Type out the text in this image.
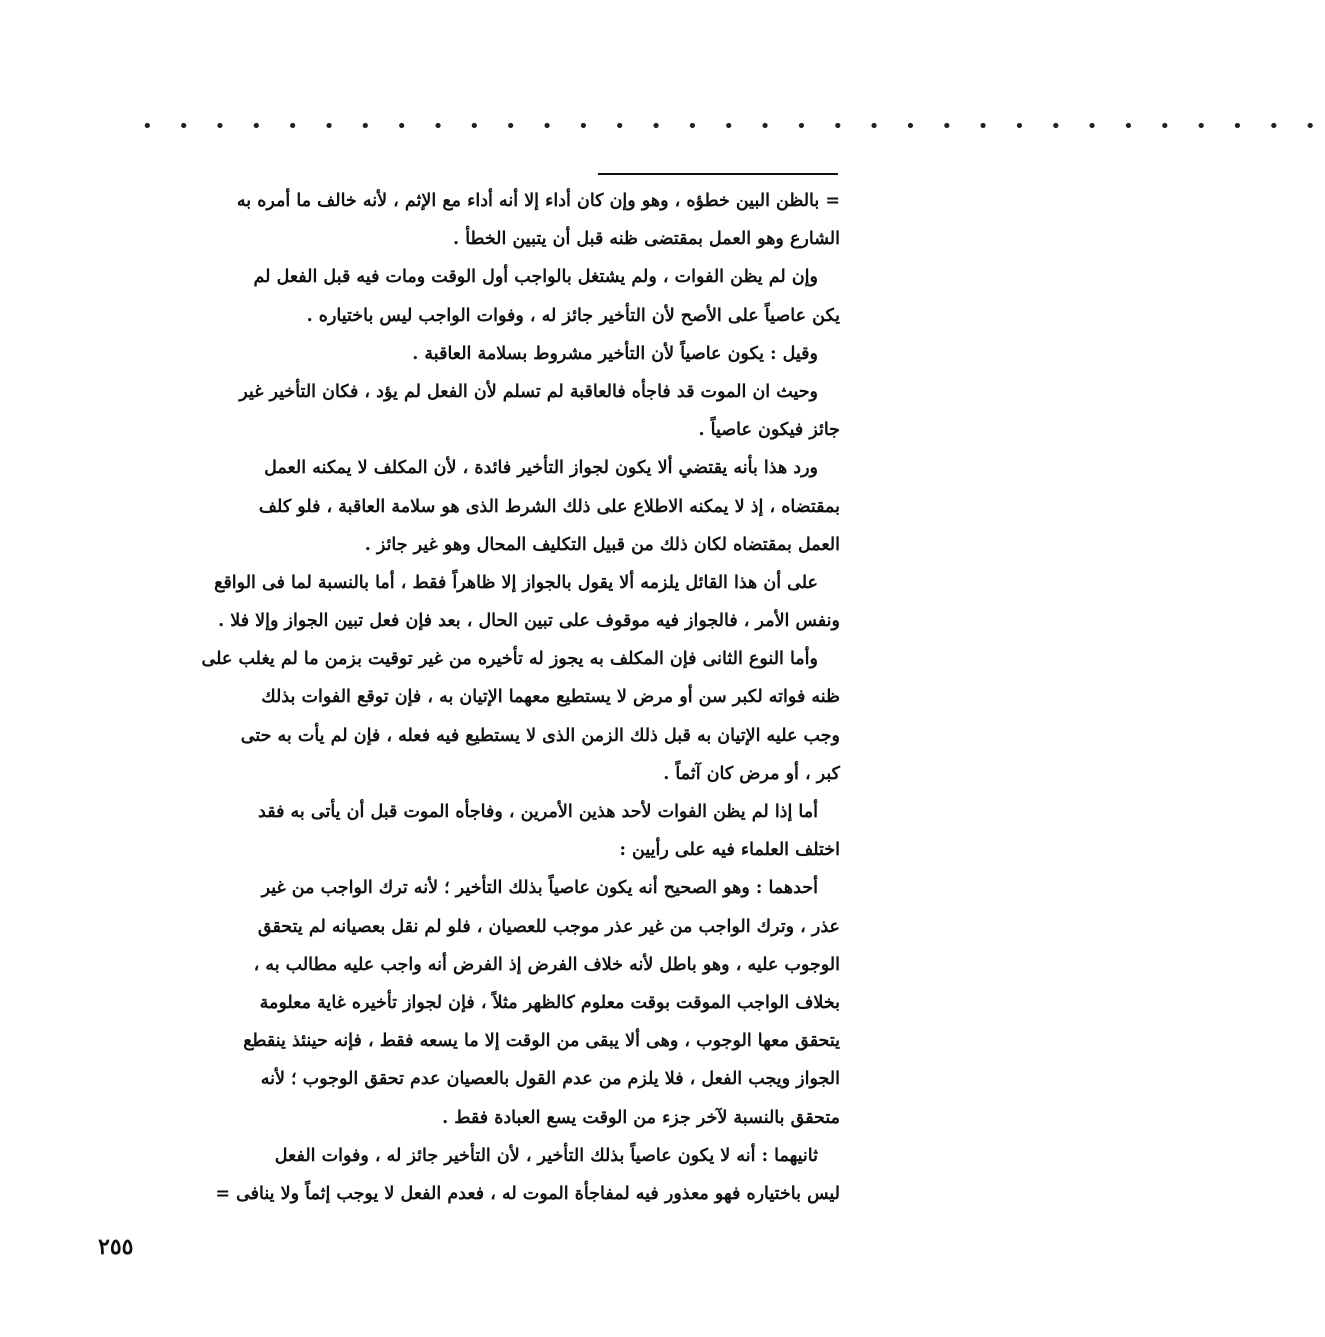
• • • • • • • • • • • • • • • • • • • • • • • • • • • • • • • • •
= بالظن البين خطؤه ، وهو وإن كان أداء إلا أنه أداء مع الإثم ، لأنه خالف ما أمره به
الشارع وهو العمل بمقتضى ظنه قبل أن يتبين الخطأ .
وإن لم يظن الفوات ، ولم يشتغل بالواجب أول الوقت ومات فيه قبل الفعل لم
يكن عاصياً على الأصح لأن التأخير جائز له ، وفوات الواجب ليس باختياره .
وقيل : يكون عاصياً لأن التأخير مشروط بسلامة العاقبة .
وحيث ان الموت قد فاجأه فالعاقبة لم تسلم لأن الفعل لم يؤد ، فكان التأخير غير
جائز فيكون عاصياً .
ورد هذا بأنه يقتضي ألا يكون لجواز التأخير فائدة ، لأن المكلف لا يمكنه العمل
بمقتضاه ، إذ لا يمكنه الاطلاع على ذلك الشرط الذى هو سلامة العاقبة ، فلو كلف
العمل بمقتضاه لكان ذلك من قبيل التكليف المحال وهو غير جائز .
على أن هذا القائل يلزمه ألا يقول بالجواز إلا ظاهراً فقط ، أما بالنسبة لما فى الواقع
ونفس الأمر ، فالجواز فيه موقوف على تبين الحال ، بعد فإن فعل تبين الجواز وإلا فلا .
وأما النوع الثانى فإن المكلف به يجوز له تأخيره من غير توقيت بزمن ما لم يغلب على
ظنه فواته لكبر سن أو مرض لا يستطيع معهما الإتيان به ، فإن توقع الفوات بذلك
وجب عليه الإتيان به قبل ذلك الزمن الذى لا يستطيع فيه فعله ، فإن لم يأت به حتى
كبر ، أو مرض كان آثماً .
أما إذا لم يظن الفوات لأحد هذين الأمرين ، وفاجأه الموت قبل أن يأتى به فقد
اختلف العلماء فيه على رأيين :
أحدهما : وهو الصحيح أنه يكون عاصياً بذلك التأخير ؛ لأنه ترك الواجب من غير
عذر ، وترك الواجب من غير عذر موجب للعصيان ، فلو لم نقل بعصيانه لم يتحقق
الوجوب عليه ، وهو باطل لأنه خلاف الفرض إذ الفرض أنه واجب عليه مطالب به ،
بخلاف الواجب الموقت بوقت معلوم كالظهر مثلاً ، فإن لجواز تأخيره غاية معلومة
يتحقق معها الوجوب ، وهى ألا يبقى من الوقت إلا ما يسعه فقط ، فإنه حينئذ ينقطع
الجواز ويجب الفعل ، فلا يلزم من عدم القول بالعصيان عدم تحقق الوجوب ؛ لأنه
متحقق بالنسبة لآخر جزء من الوقت يسع العبادة فقط .
ثانيهما : أنه لا يكون عاصياً بذلك التأخير ، لأن التأخير جائز له ، وفوات الفعل
ليس باختياره فهو معذور فيه لمفاجأة الموت له ، فعدم الفعل لا يوجب إثماً ولا ينافى =
٢٥٥
